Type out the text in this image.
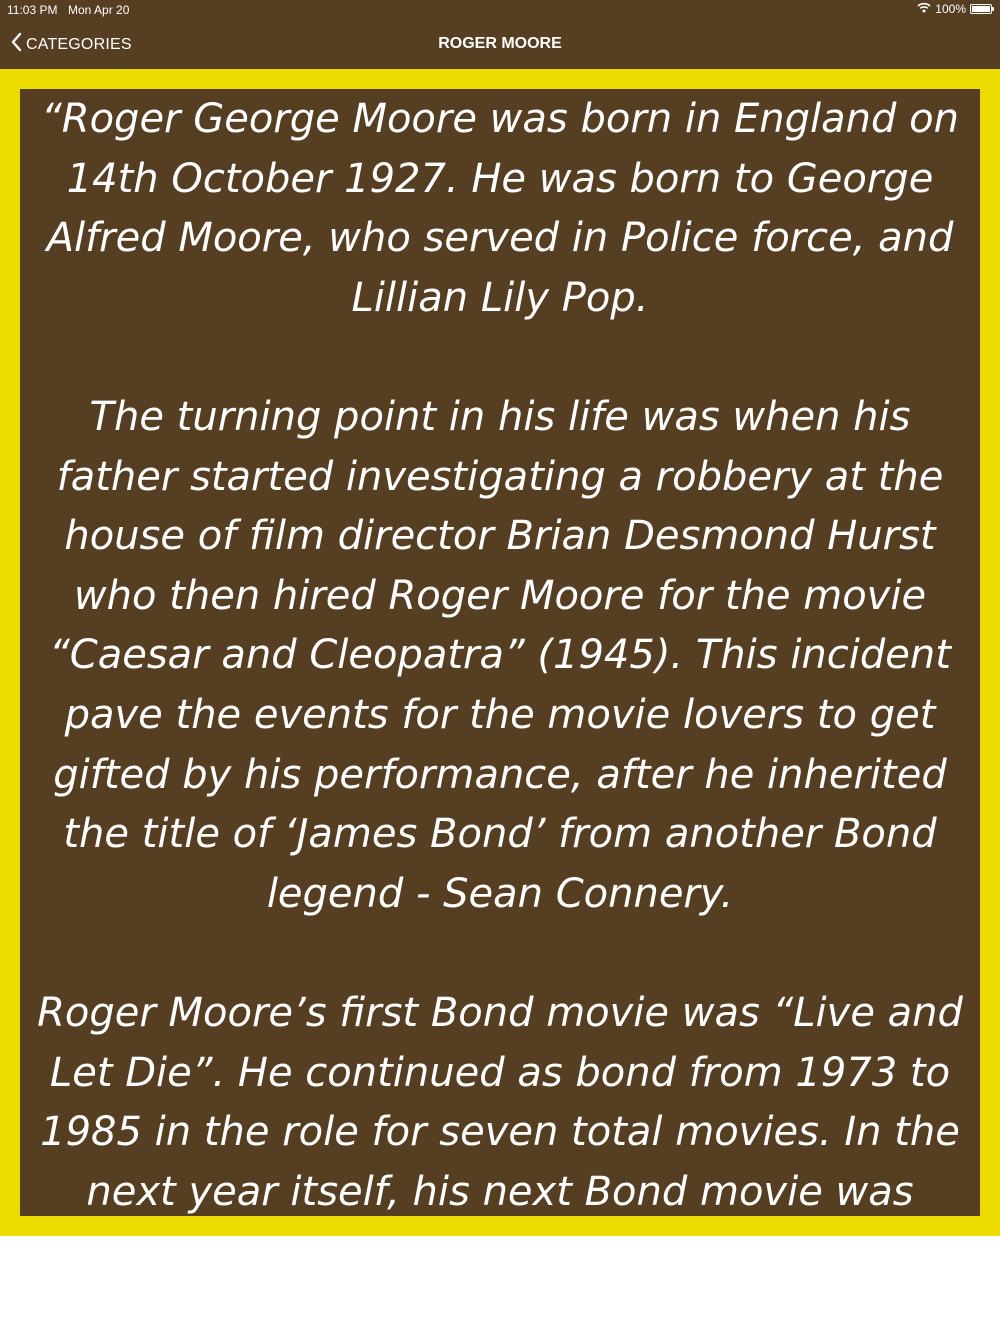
11:03 PM Mon Apr 20	100%
CATEGORIES	ROGER MOORE

“Roger George Moore was born in England on 14th October 1927. He was born to George Alfred Moore, who served in Police force, and Lillian Lily Pop.

The turning point in his life was when his father started investigating a robbery at the house of film director Brian Desmond Hurst who then hired Roger Moore for the movie “Caesar and Cleopatra” (1945). This incident pave the events for the movie lovers to get gifted by his performance, after he inherited the title of ‘James Bond’ from another Bond legend - Sean Connery.

Roger Moore’s first Bond movie was “Live and Let Die”. He continued as bond from 1973 to 1985 in the role for seven total movies. In the next year itself, his next Bond movie was
